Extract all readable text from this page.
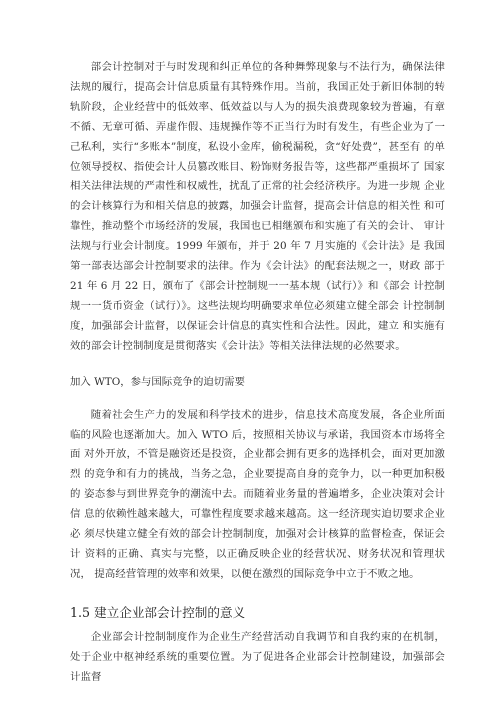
部会计控制对于与时发现和纠正单位的各种舞弊现象与不法行为，确保法律 法规的履行，提高会计信息质量有其特殊作用。当前，我国正处于新旧体制的转 轨阶段，企业经营中的低效率、低效益以与人为的损失浪费现象较为普遍，有章 不循、无章可循、弄虚作假、违规操作等不正当行为时有发生，有些企业为了一 己私利，实行“多账本”制度，私设小金库，偷税漏税，贪“好处费”，甚至有 的单位领导授权、指使会计人员篡改账目、粉饰财务报告等，这些都严重损坏了 国家相关法律法规的严肃性和权威性，扰乱了正常的社会经济秩序。为进一步规 企业的会计核算行为和相关信息的披露，加强会计监督，提高会计信息的相关性 和可靠性，推动整个市场经济的发展，我国也已相继颁布和实施了有关的会计、 审计法规与行业会计制度。1999 年颁布，并于 20 年 7 月实施的《会计法》是 我国第一部表达部会计控制要求的法律。作为《会计法》的配套法规之一，财政 部于 21 年 6 月 22 日，颁布了《部会计控制规一一基本规（试行）》和《部会 计控制规一一货币资金（试行）》。这些法规均明确要求单位必须建立健全部会 计控制制度，加强部会计监督，以保证会计信息的真实性和合法性。因此，建立 和实施有效的部会计控制制度是贯彻落实《会计法》等相关法律法规的必然要求。

加入 WTO，参与国际竞争的迫切需要

随着社会生产力的发展和科学技术的进步，信息技术高度发展，各企业所面 临的风险也逐渐加大。加入 WTO 后，按照相关协议与承诺，我国资本市场将全面 对外开放，不管是融资还是投资，企业都会拥有更多的选择机会，面对更加激烈 的竞争和有力的挑战，当务之急，企业要提高自身的竞争力，以一种更加积极的 姿态参与到世界竞争的潮流中去。而随着业务量的普遍增多，企业决策对会计信 息的依赖性越来越大，可靠性程度要求越来越高。这一经济现实迫切要求企业必 须尽快建立健全有效的部会计控制制度，加强对会计核算的监督检查，保证会计 资料的正确、真实与完整，以正确反映企业的经营状况、财务状况和管理状况， 提高经营管理的效率和效果，以便在激烈的国际竞争中立于不败之地。

1.5 建立企业部会计控制的意义

企业部会计控制制度作为企业生产经营活动自我调节和自我约束的在机制， 处于企业中枢神经系统的重要位置。为了促进各企业部会计控制建设，加强部会 计监督
